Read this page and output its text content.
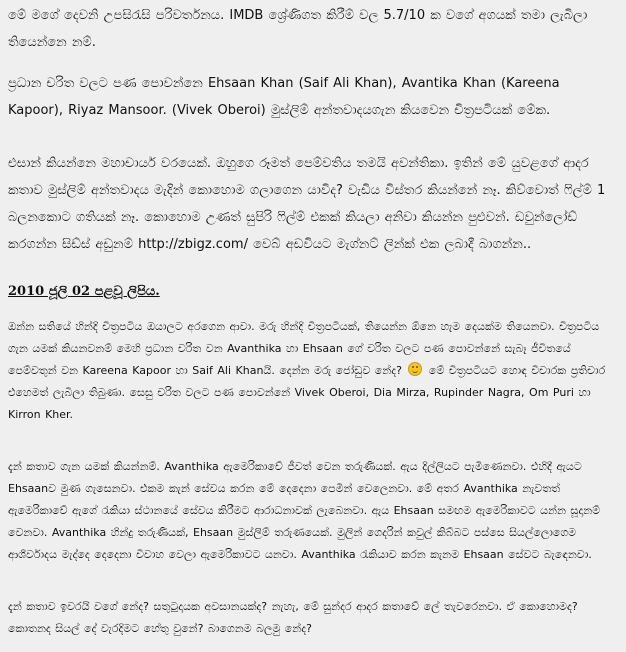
මේ මගේ දෙවනි උපසිරැසි පරිවර්තනය. IMDB ශ්‍රේණිගත කිරීම් වල 5.7/10 ක වගේ අගයක් තමා ලැබිලා තියෙන්නෙ නම්.

ප්‍රධාන චරිත වලට පණ පොවන්නෙ Ehsaan Khan (Saif Ali Khan), Avantika Khan (Kareena Kapoor), Riyaz Mansoor. (Vivek Oberoi) මුස්ලිම් අන්තවාදයගැන කියවෙන චිත්‍රපටියක් මේක.

එසාන් කියන්නෙ මහාචාර්ය වරයෙක්. ඔහුගෙ රූමත් පෙම්වතිය තමයි අවන්තිකා. ඉතින් මේ යුවළගේ ආදර කතාව මුස්ලිම් අන්තවාදය මැදින් කොහොම ගලාගෙන යාවිද? වැඩිය විස්තර කියන්නේ නෑ. කිව්වොත් ෆිල්ම් 1 බලනකොට ගතියක් නෑ. කොහොම උණත් සුපිරි ෆිල්ම් එකක් කියලා අනිවා කියන්න පුළුවන්. ඩවුන්ලෝඩ් කරගන්න සිඩ්ස් අඩුනම් http://zbigz.com/ වෙබ් අඩවියට මැග්නට් ලින්ක් එක ලබාදී බාගන්න..

2010 ජූලි 02 පළවූ ලිපිය.

ඔන්න සතියේ හින්දි චිත්‍රපටිය ඔයාලට අරගෙන ආවා. මරු හින්දි චිත්‍රපටියක්, තියෙන්න ඕනෙ හැම දෙයක්ම තියෙනවා. චිත්‍රපටිය ගැන යමක් කියනවනම් මෙහි ප්‍රධාන චරිත වන Avanthika හා Ehsaan ගේ චරිත වලට පණ පොවන්නේ සැබෑ ජීවිතයේ පෙම්වතුන් වන Kareena Kapoor හා Saif Ali Khanයි. දෙන්න මරු ජෝඩුව නේද? මේ චිත්‍රපටියට හොඳ විචාරක ප්‍රතිචාර එහෙමත් ලැබිලා තිබුණා. සෙසු චරිත වලට පණ පොවන්නේ Vivek Oberoi, Dia Mirza, Rupinder Nagra, Om Puri හා Kirron Kher.

දැන් කතාව ගැන යමක් කියන්නම්. Avanthika ඇමෙරිකාවේ ජීවත් වෙන තරුණියක්. ඇය දිල්ලියට පැමිණෙනවා. එහිදී ඇයට Ehsaanව මුණ ගැසෙනවා. එකම කැන් සේවය කරන මේ දෙදෙනා පෙමින් වෙලෙනවා. මේ අතර Avanthika නැවතත් ඇමෙරිකාවේ ඇගේ රැකියා ස්ථානයේ සේවය කිරීමට ආරාධනාවක් ලැබෙනවා. ඇය Ehsaan සමඟම ඇමෙරිකාවට යන්න සූදානම් වෙනවා. Avanthika හින්දු තරුණියක්, Ehsaan මුස්ලිම් තරුණයෙක්. මුලින් ගෙදරින් කවුල් කිබ්බට පස්සෙ සියල්ලොගෙම ආශීර්වාදය මැද්දෙ දෙදෙනා විවාහ වෙලා ඇමෙරිකාවට යනවා. Avanthika රැකියාව කරන කැනම Ehsaan සේවට බැඳෙනවා.

දැන් කතාව ඉවරයි වගේ නේද? සතුටුදායක අවසානයක්ද? නැහැ, මේ සුන්දර ආදර කතාවේ ලේ තැවරෙනවා. ඒ කොහොමද? කොතනද සියල් දේ වැරදිමට හේතු වුනේ? බාගෙනම බලමු නේද?
